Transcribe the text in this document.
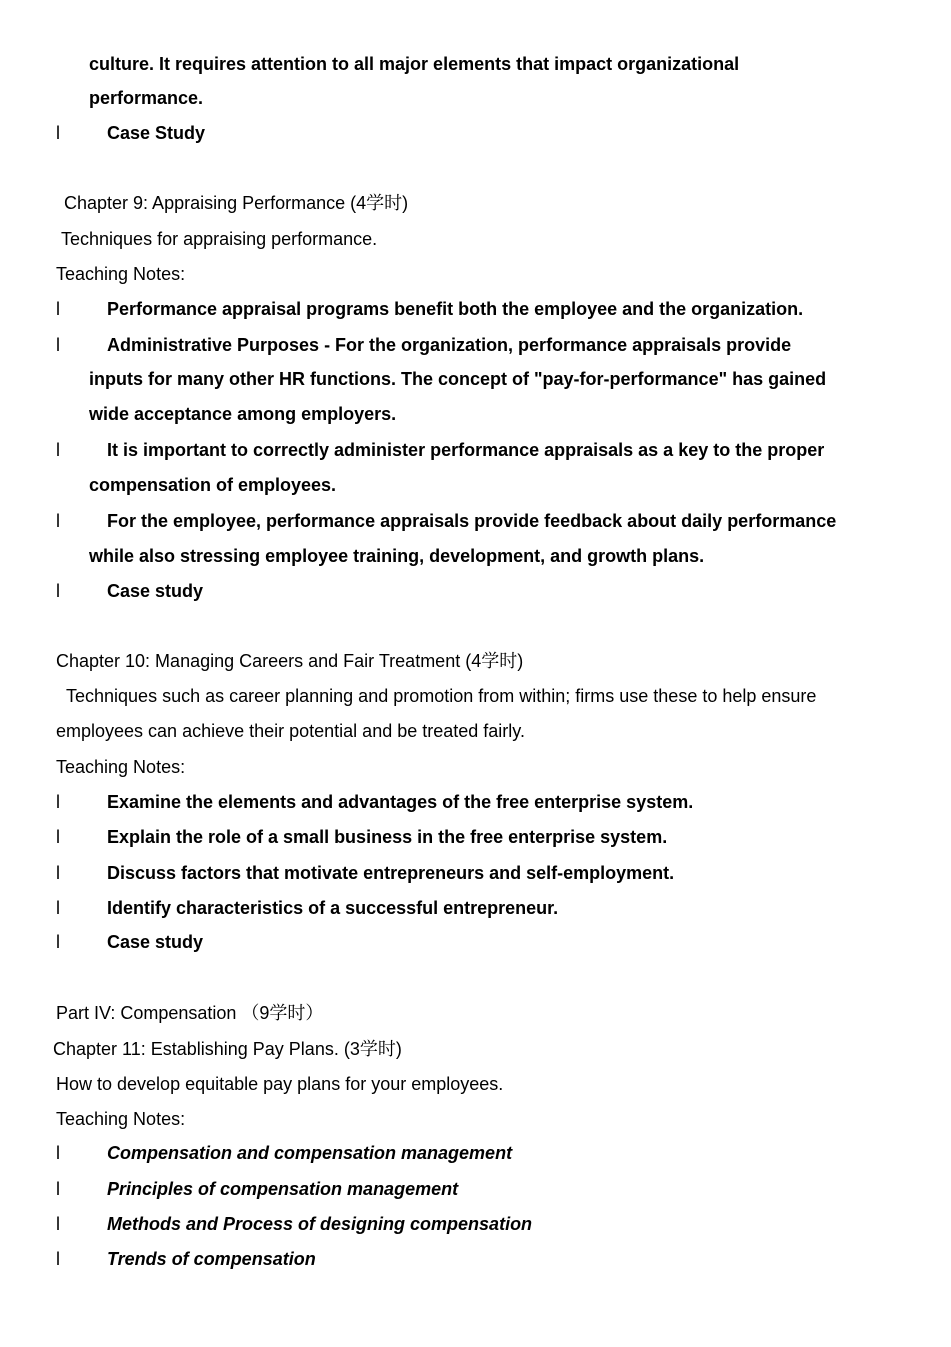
culture. It requires attention to all major elements that impact organizational
performance.
l	Case Study
Chapter 9: Appraising Performance (4学时)
Techniques for appraising performance.
Teaching Notes:
l	Performance appraisal programs benefit both the employee and the organization.
l	Administrative Purposes - For the organization, performance appraisals provide
inputs for many other HR functions. The concept of "pay-for-performance" has gained
wide acceptance among employers.
l	It is important to correctly administer performance appraisals as a key to the proper
compensation of employees.
l	For the employee, performance appraisals provide feedback about daily performance
while also stressing employee training, development, and growth plans.
l	Case study
Chapter 10: Managing Careers and Fair Treatment (4学时)
Techniques such as career planning and promotion from within; firms use these to help ensure
employees can achieve their potential and be treated fairly.
Teaching Notes:
l	Examine the elements and advantages of the free enterprise system.
l	Explain the role of a small business in the free enterprise system.
l	Discuss factors that motivate entrepreneurs and self-employment.
l	Identify characteristics of a successful entrepreneur.
l	Case study
Part IV: Compensation （9学时）
Chapter 11: Establishing Pay Plans. (3学时)
How to develop equitable pay plans for your employees.
Teaching Notes:
l	Compensation and compensation management
l	Principles of compensation management
l	Methods and Process of designing compensation
l	Trends of compensation
